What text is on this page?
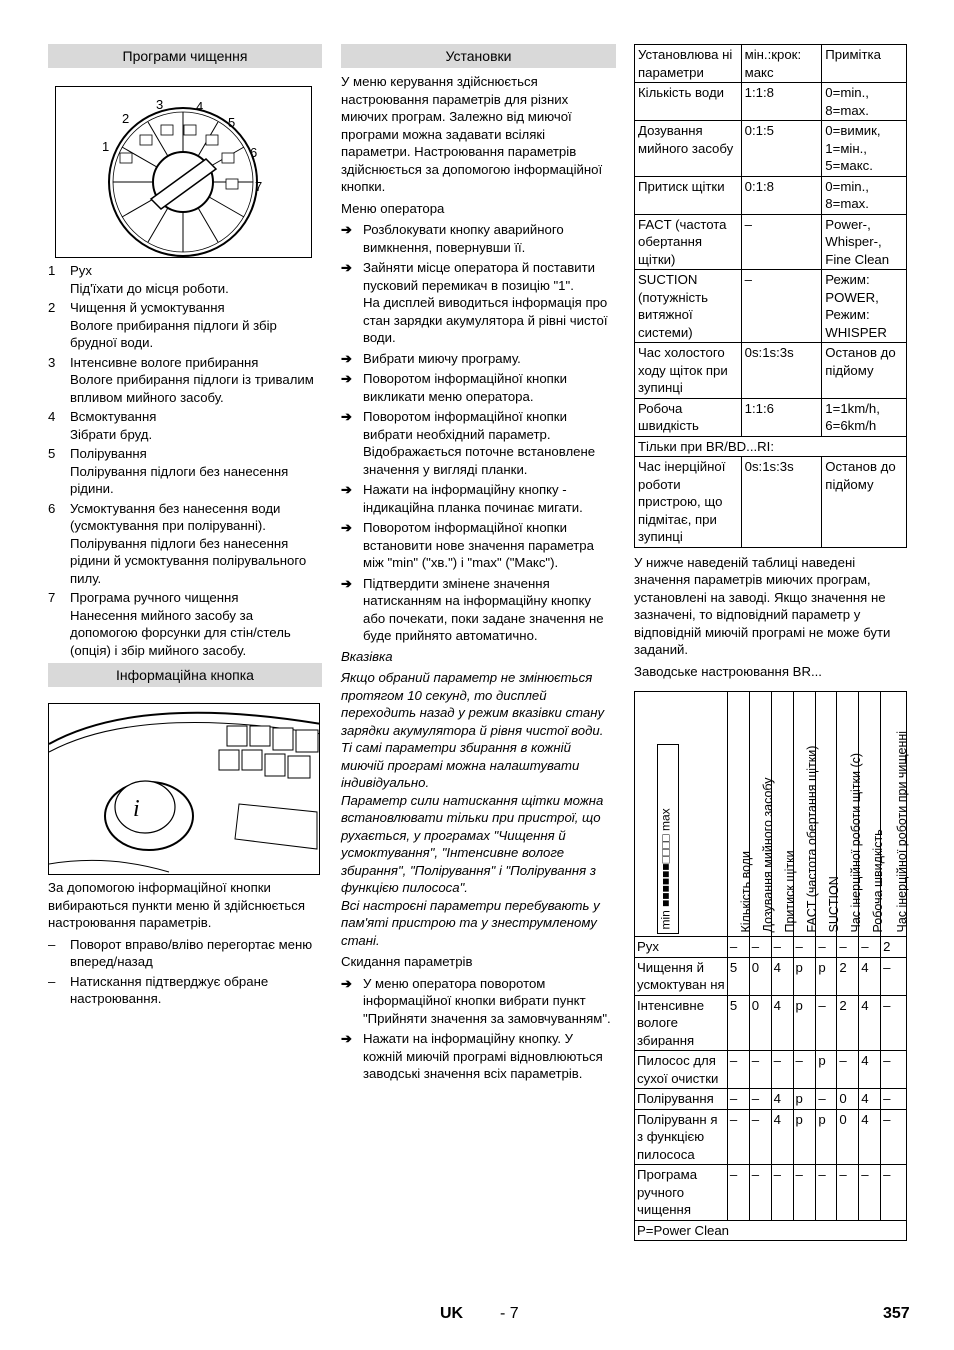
Програми чищення
1
2
3	4
5
6
7
1 Рух
Під'їхати до місця роботи.
2 Чищення й усмоктування
Вологе прибирання підлоги й збір брудної води.
3 Інтенсивне вологе прибирання
Вологе прибирання підлоги із тривалим впливом мийного засобу.
4 Всмоктування
Зібрати бруд.
5 Полірування
Полірування підлоги без нанесення рідини.
6 Усмоктування без нанесення води (усмоктування при поліруванні).
Полірування підлоги без нанесення рідини й усмоктування полірувального пилу.
7 Програма ручного чищення
Нанесення мийного засобу за допомогою форсунки для стін/стель (опція) і збір мийного засобу.
Інформаційна кнопка
i

За допомогою інформаційної кнопки вибираються пункти меню й здійснюється настроювання параметрів.

– Поворот вправо/вліво перегортає меню вперед/назад
– Натискання підтверджує обране настроювання.
Установки

У меню керування здійснюється настроювання параметрів для різних миючих програм. Залежно від миючої програми можна задавати всілякі параметри. Настроювання параметрів здійснюється за допомогою інформаційної кнопки.

Меню оператора

➔ Розблокувати кнопку аварийного вимкнення, повернувши її.
➔ Зайняти місце оператора й поставити пусковий перемикач в позицію "1".
На дисплей виводиться інформація про стан зарядки акумулятора й рівні чистої води.
➔ Вибрати миючу програму.
➔ Поворотом інформаційної кнопки викликати меню оператора.
➔ Поворотом інформаційної кнопки вибрати необхідний параметр.
Відображається поточне встановлене значення у вигляді планки.
➔ Нажати на інформаційну кнопку - індикаційна планка починає мигати.
➔ Поворотом інформаційної кнопки встановити нове значення параметра між "min" ("хв.") і "max" ("Макс").
➔ Підтвердити змінене значення натисканням на інформаційну кнопку або почекати, поки задане значення не буде прийнято автоматично.

Вказівка

Якщо обраний параметр не змінюється протягом 10 секунд, то дисплей переходить назад у режим вказівки стану зарядки акумулятора й рівня чистої води.
Ті самі параметри збирання в кожній миючій програмі можна налаштувати індивідуально.
Параметр сили натискання щітки можна встановлювати тільки при пристрої, що рухається, у програмах "Чищення й усмоктування", "Інтенсивне вологе збирання", "Полірування" і "Полірування з функцією пилососа".
Всі настроєні параметри перебувають у пам'яті пристрою та у знеструмленому стані.

Скидання параметрів

➔ У меню оператора поворотом інформаційної кнопки вибрати пункт "Прийняти значення за замовчуванням".
➔ Нажати на інформаційну кнопку. У кожній миючій програмі відновлюються заводські значення всіх параметрів.
Установлюва ні параметри	мін.:крок: макс	Примітка
Кількість води	1:1:8	0=min., 8=max.
Дозування мийного засобу	0:1:5	0=вимик, 1=мін., 5=макс.
Притиск щітки	0:1:8	0=min., 8=max.
FACT (частота обертання щітки)	–	Power-, Whisper-, Fine Clean
SUCTION (потужність витяжної системи)	–	Режим: POWER, Режим: WHISPER
Час холостого ходу щіток при зупинці	0s:1s:3s	Останов до підйому
Робоча швидкість	1:1:6	1=1km/h, 6=6km/h
Тільки при BR/BD...RI:		
Час інерційної роботи пристрою, що підмітає, при зупинці	0s:1s:3s	Останов до підйому

У нижче наведеній таблиці наведені значення параметрів миючих програм, установлені на заводі. Якщо значення не зазначені, то відповідний параметр у відповідній миючій програмі не може бути заданий.

Заводське настроювання BR...

min ■■■■■■□□□□ max	Кількість води	Дозування мийного засобу	Притиск щітки	FACT (частота обертання щітки)	SUCTION	Час інерційної роботи щітки (с)	Робоча швидкість	Час інерційної роботи при чищенні

Рух	–	–	–	–	–	–	–	2
Чищення й усмоктуван ня	5	0	4	p	p	2	4	–
Інтенсивне вологе збирання	5	0	4	p	–	2	4	–
Пилосос для сухої очистки	–	–	–	–	p	–	4	–
Полірування	–	–	4	p	–	0	4	–
Поліруванн я з функцією пилососа	–	–	4	p	p	0	4	–
Програма ручного чищення	–	–	–	–	–	–	–	–
P=Power Clean								
UK - 7	357
